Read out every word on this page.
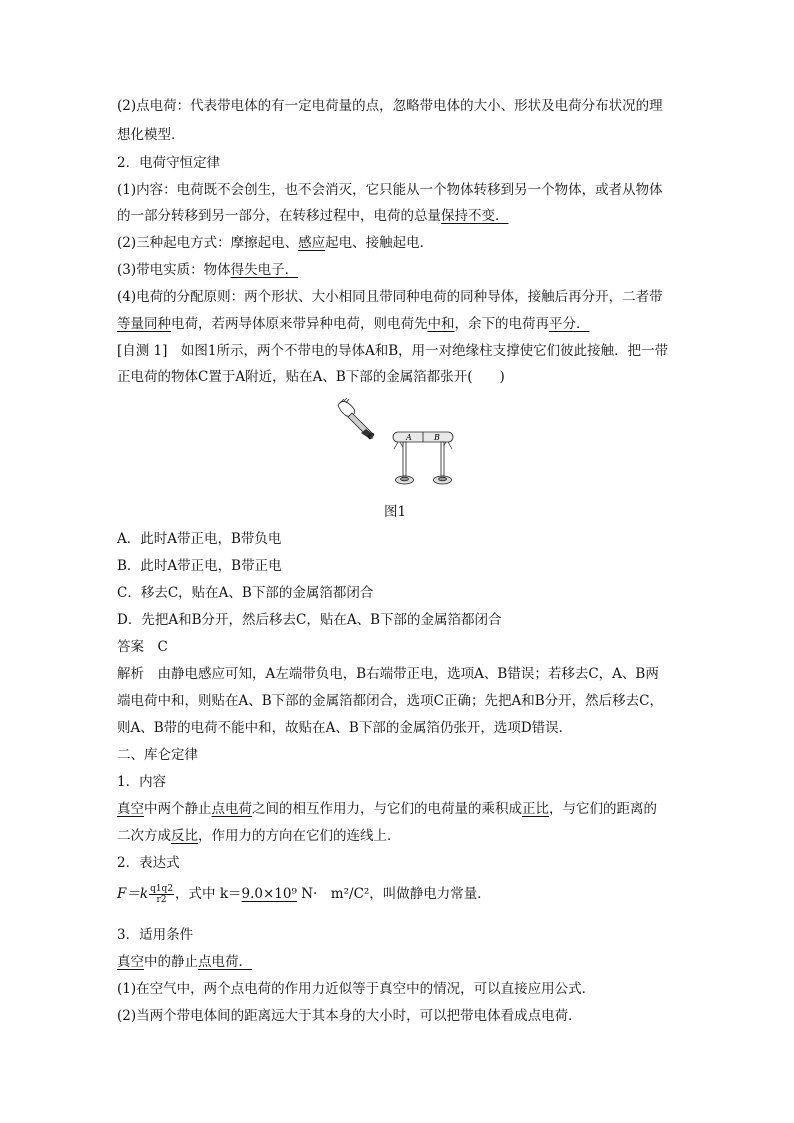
(2)点电荷：代表带电体的有一定电荷量的点，忽略带电体的大小、形状及电荷分布状况的理
想化模型．
2．电荷守恒定律
(1)内容：电荷既不会创生，也不会消灭，它只能从一个物体转移到另一个物体，或者从物体
的一部分转移到另一部分，在转移过程中，电荷的总量保持不变．
(2)三种起电方式：摩擦起电、感应起电、接触起电．
(3)带电实质：物体得失电子．
(4)电荷的分配原则：两个形状、大小相同且带同种电荷的同种导体，接触后再分开，二者带
等量同种电荷，若两导体原来带异种电荷，则电荷先中和，余下的电荷再平分．
[自测 1]　如图1所示，两个不带电的导体A和B，用一对绝缘柱支撑使它们彼此接触．把一带
正电荷的物体C置于A附近，贴在A、B下部的金属箔都张开(　　)
C	A	B
图1
A．此时A带正电，B带负电
B．此时A带正电，B带正电
C．移去C，贴在A、B下部的金属箔都闭合
D．先把A和B分开，然后移去C，贴在A、B下部的金属箔都闭合
答案　C
解析　由静电感应可知，A左端带负电，B右端带正电，选项A、B错误；若移去C，A、B两
端电荷中和，则贴在A、B下部的金属箔都闭合，选项C正确；先把A和B分开，然后移去C，
则A、B带的电荷不能中和，故贴在A、B下部的金属箔仍张开，选项D错误．
二、库仑定律
1．内容
真空中两个静止点电荷之间的相互作用力，与它们的电荷量的乘积成正比，与它们的距离的
二次方成反比，作用力的方向在它们的连线上．
2．表达式
$F=k \frac{q1q2}{r2}$ ，式中 k＝9.0×10⁹ N·　m²/C²，叫做静电力常量．
3．适用条件
真空中的静止点电荷．
(1)在空气中，两个点电荷的作用力近似等于真空中的情况，可以直接应用公式．
(2)当两个带电体间的距离远大于其本身的大小时，可以把带电体看成点电荷．
